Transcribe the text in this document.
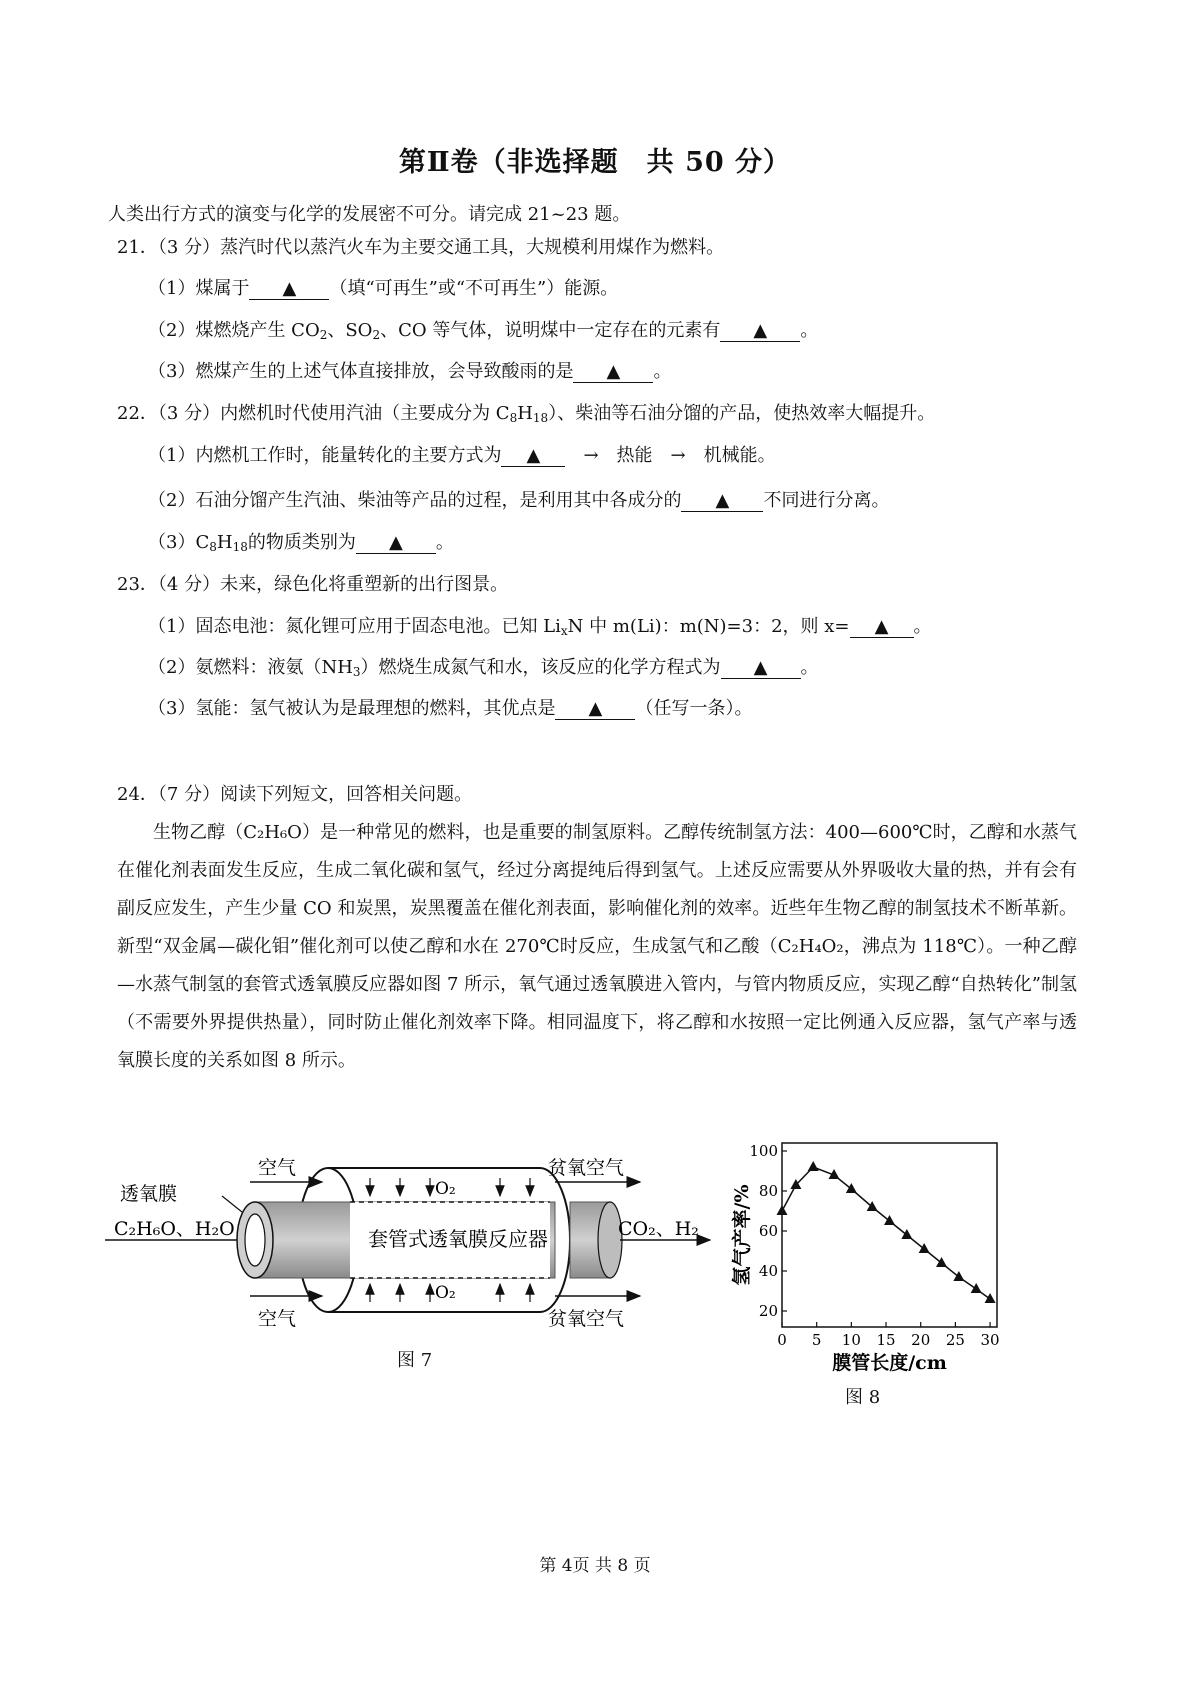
第Ⅱ卷（非选择题　共 50 分）
人类出行方式的演变与化学的发展密不可分。请完成 21~23 题。
21．（3 分）蒸汽时代以蒸汽火车为主要交通工具，大规模利用煤作为燃料。
（1）煤属于 ▲ （填“可再生”或“不可再生”）能源。
（2）煤燃烧产生 $CO_2$、$SO_2$、CO 等气体，说明煤中一定存在的元素有 ▲ 。
（3）燃煤产生的上述气体直接排放，会导致酸雨的是 ▲ 。
22．（3 分）内燃机时代使用汽油（主要成分为 $C_8H_{18}$）、柴油等石油分馏的产品，使热效率大幅提升。
（1）内燃机工作时，能量转化的主要方式为 ▲　→　热能　→　机械能。
（2）石油分馏产生汽油、柴油等产品的过程，是利用其中各成分的 ▲ 不同进行分离。
$(3)C_8H_{18}$的物质类别为 ▲ 。
23．（4 分）未来，绿色化将重塑新的出行图景。
（1）固态电池：氮化锂可应用于固态电池。已知 $Li_xN$ 中 m(Li)：m(N)=3：2，则 x= ▲ 。
（2）氨燃料：液氨$(NH_3)$燃烧生成氮气和水，该反应的化学方程式为 ▲ 。
（3）氢能：氢气被认为是最理想的燃料，其优点是 ▲ （任写一条）。
24．（7 分）阅读下列短文，回答相关问题。
生物乙醇（C₂H₆O）是一种常见的燃料，也是重要的制氢原料。乙醇传统制氢方法：400—600℃时，乙醇和水蒸气在催化剂表面发生反应，生成二氧化碳和氢气，经过分离提纯后得到氢气。上述反应需要从外界吸收大量的热，并有会有副反应发生，产生少量 CO 和炭黑，炭黑覆盖在催化剂表面，影响催化剂的效率。近些年生物乙醇的制氢技术不断革新。新型“双金属—碳化钼”催化剂可以使乙醇和水在 270℃时反应，生成氢气和乙酸（C₂H₄O₂，沸点为 118℃）。一种乙醇—水蒸气制氢的套管式透氧膜反应器如图 7 所示，氧气通过透氧膜进入管内，与管内物质反应，实现乙醇“自热转化”制氢（不需要外界提供热量），同时防止催化剂效率下降。相同温度下，将乙醇和水按照一定比例通入反应器，氢气产率与透氧膜长度的关系如图 8 所示。
透氧膜
空气
空气
贫氧空气
贫氧空气
O₂
O₂
套管式透氧膜反应器
C₂H₆O、H₂O	CO₂、H₂
图 7
0 5 10 15 20 25 30
20
40
60
80
100
膜管长度/cm
氢气产率/%
图 8
第 4页 共 8 页
